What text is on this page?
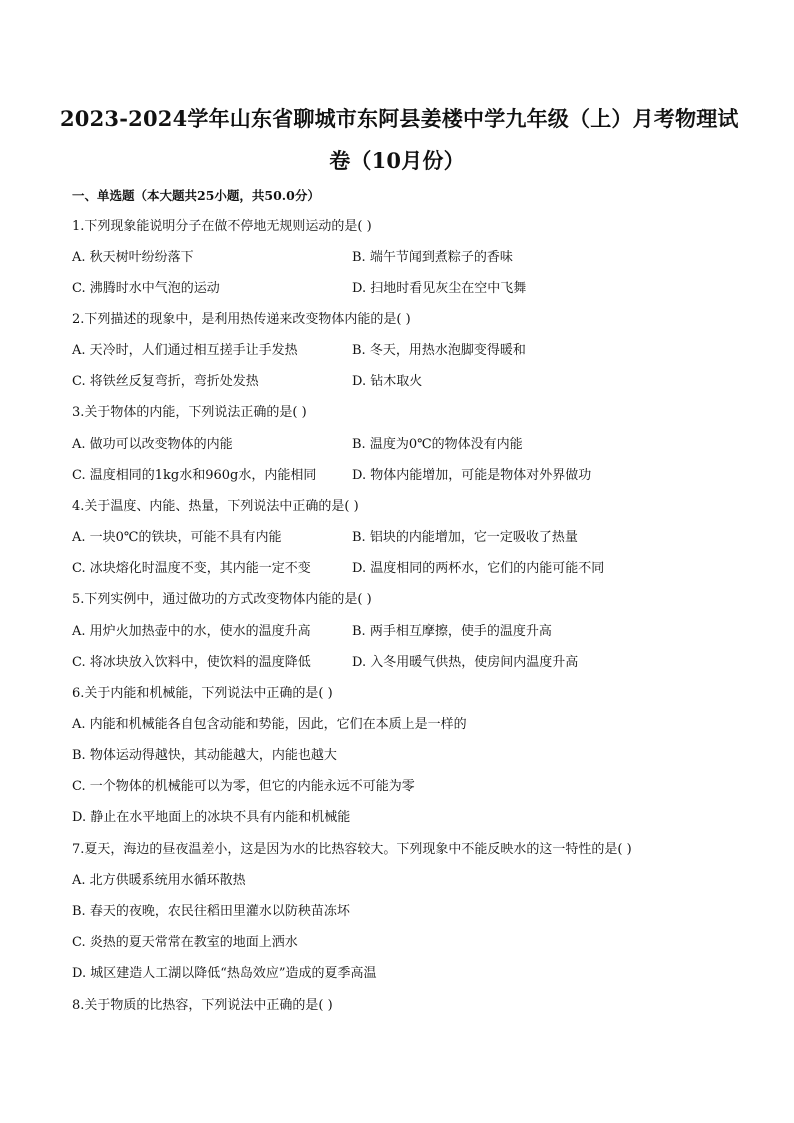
2023-2024学年山东省聊城市东阿县姜楼中学九年级（上）月考物理试
卷（10月份）
一、单选题（本大题共25小题，共50.0分）
1.下列现象能说明分子在做不停地无规则运动的是( )
A. 秋天树叶纷纷落下	B. 端午节闻到煮粽子的香味
C. 沸腾时水中气泡的运动	D. 扫地时看见灰尘在空中飞舞
2.下列描述的现象中，是利用热传递来改变物体内能的是( )
A. 天冷时，人们通过相互搓手让手发热	B. 冬天，用热水泡脚变得暖和
C. 将铁丝反复弯折，弯折处发热	D. 钻木取火
3.关于物体的内能，下列说法正确的是( )
A. 做功可以改变物体的内能	B. 温度为0℃的物体没有内能
C. 温度相同的1kg水和960g水，内能相同	D. 物体内能增加，可能是物体对外界做功
4.关于温度、内能、热量，下列说法中正确的是( )
A. 一块0℃的铁块，可能不具有内能	B. 铝块的内能增加，它一定吸收了热量
C. 冰块熔化时温度不变，其内能一定不变	D. 温度相同的两杯水，它们的内能可能不同
5.下列实例中，通过做功的方式改变物体内能的是( )
A. 用炉火加热壶中的水，使水的温度升高	B. 两手相互摩擦，使手的温度升高
C. 将冰块放入饮料中，使饮料的温度降低	D. 入冬用暖气供热，使房间内温度升高
6.关于内能和机械能，下列说法中正确的是( )
A. 内能和机械能各自包含动能和势能，因此，它们在本质上是一样的
B. 物体运动得越快，其动能越大，内能也越大
C. 一个物体的机械能可以为零，但它的内能永远不可能为零
D. 静止在水平地面上的冰块不具有内能和机械能
7.夏天，海边的昼夜温差小，这是因为水的比热容较大。下列现象中不能反映水的这一特性的是( )
A. 北方供暖系统用水循环散热
B. 春天的夜晚，农民往稻田里灌水以防秧苗冻坏
C. 炎热的夏天常常在教室的地面上洒水
D. 城区建造人工湖以降低“热岛效应”造成的夏季高温
8.关于物质的比热容，下列说法中正确的是( )
